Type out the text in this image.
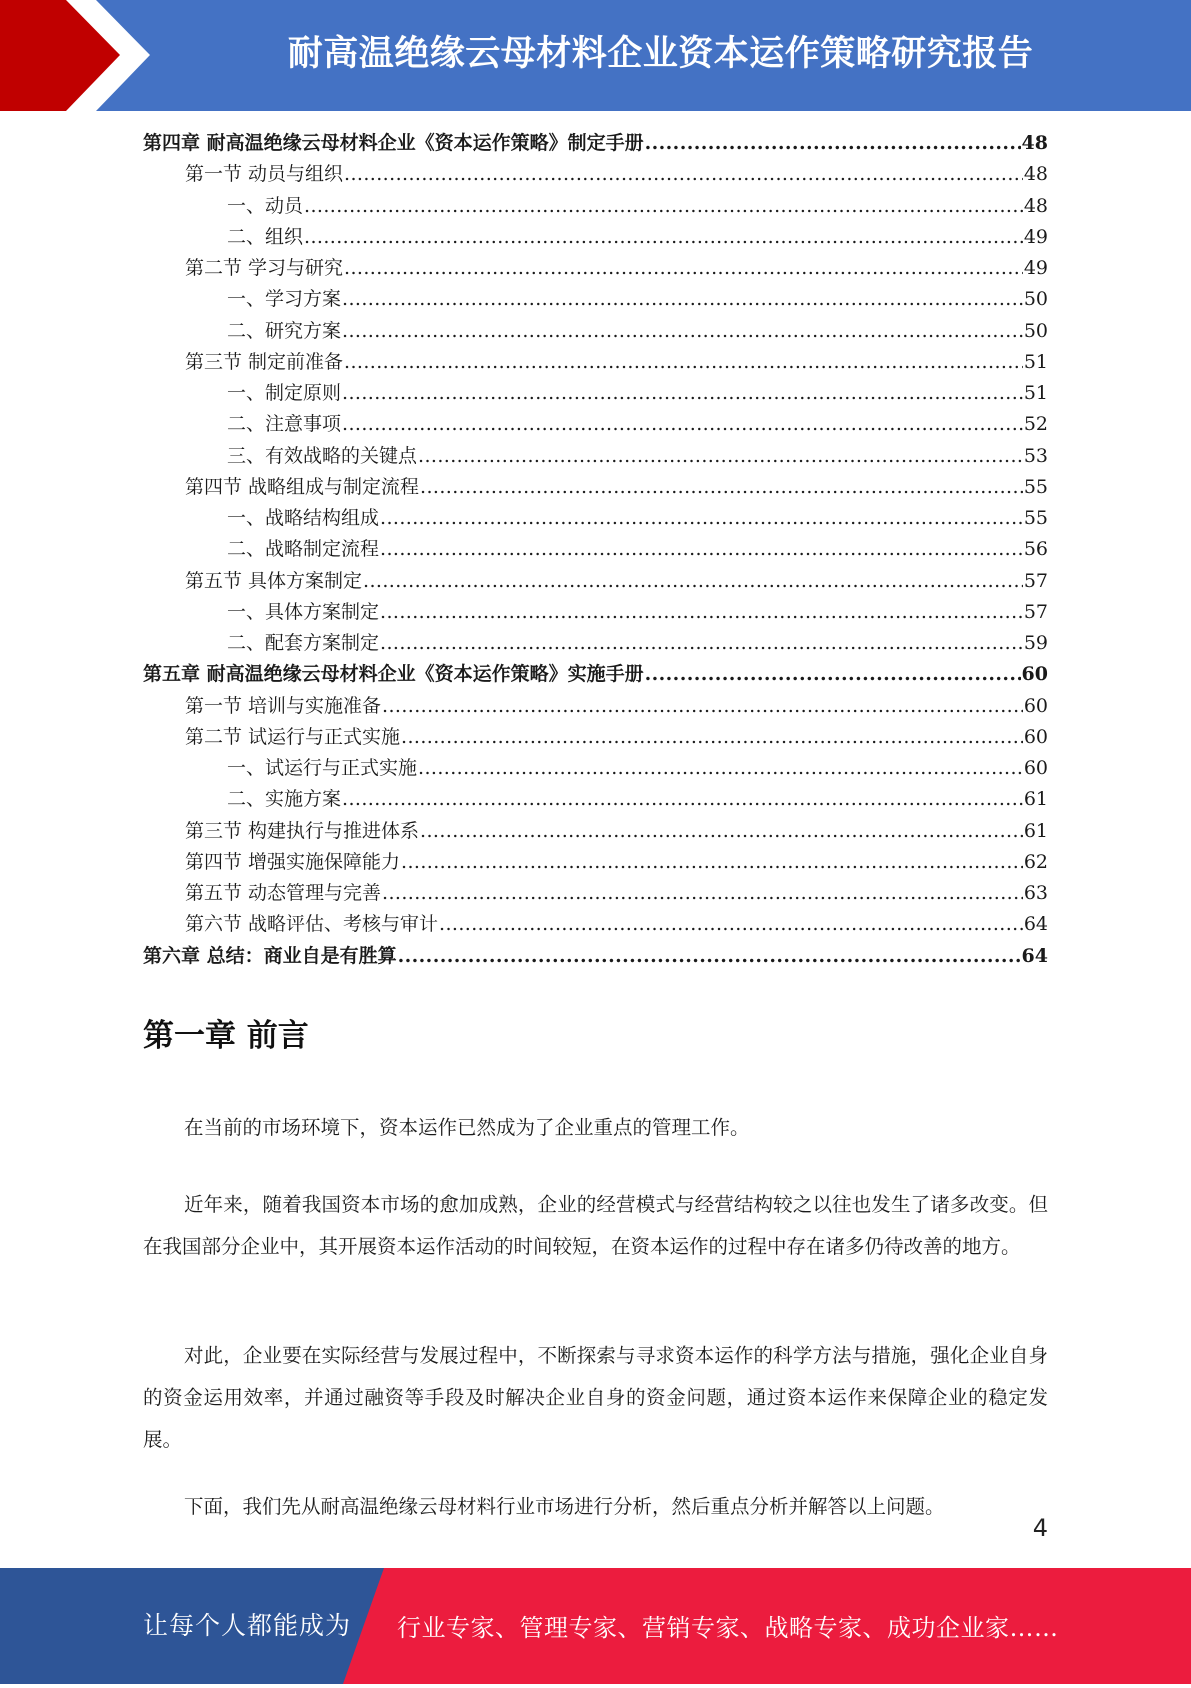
耐高温绝缘云母材料企业资本运作策略研究报告
第四章 耐高温绝缘云母材料企业《资本运作策略》制定手册 .....	48
第一节 动员与组织 .....	48
一、动员 .....	48
二、组织 .....	49
第二节 学习与研究 .....	49
一、学习方案 .....	50
二、研究方案 .....	50
第三节 制定前准备 .....	51
一、制定原则 .....	51
二、注意事项 .....	52
三、有效战略的关键点 .....	53
第四节 战略组成与制定流程 .....	55
一、战略结构组成 .....	55
二、战略制定流程 .....	56
第五节 具体方案制定 .....	57
一、具体方案制定 .....	57
二、配套方案制定 .....	59
第五章 耐高温绝缘云母材料企业《资本运作策略》实施手册 .....	60
第一节 培训与实施准备 .....	60
第二节 试运行与正式实施 .....	60
一、试运行与正式实施 .....	60
二、实施方案 .....	61
第三节 构建执行与推进体系 .....	61
第四节 增强实施保障能力 .....	62
第五节 动态管理与完善 .....	63
第六节 战略评估、考核与审计 .....	64
第六章 总结：商业自是有胜算 .....	64
第一章 前言

在当前的市场环境下，资本运作已然成为了企业重点的管理工作。

近年来，随着我国资本市场的愈加成熟，企业的经营模式与经营结构较之以往也发生了诸多改变。但在我国部分企业中，其开展资本运作活动的时间较短，在资本运作的过程中存在诸多仍待改善的地方。

对此，企业要在实际经营与发展过程中，不断探索与寻求资本运作的科学方法与措施，强化企业自身的资金运用效率，并通过融资等手段及时解决企业自身的资金问题，通过资本运作来保障企业的稳定发展。

下面，我们先从耐高温绝缘云母材料行业市场进行分析，然后重点分析并解答以上问题。

4
让每个人都能成为 行业专家、管理专家、营销专家、战略专家、成功企业家……
